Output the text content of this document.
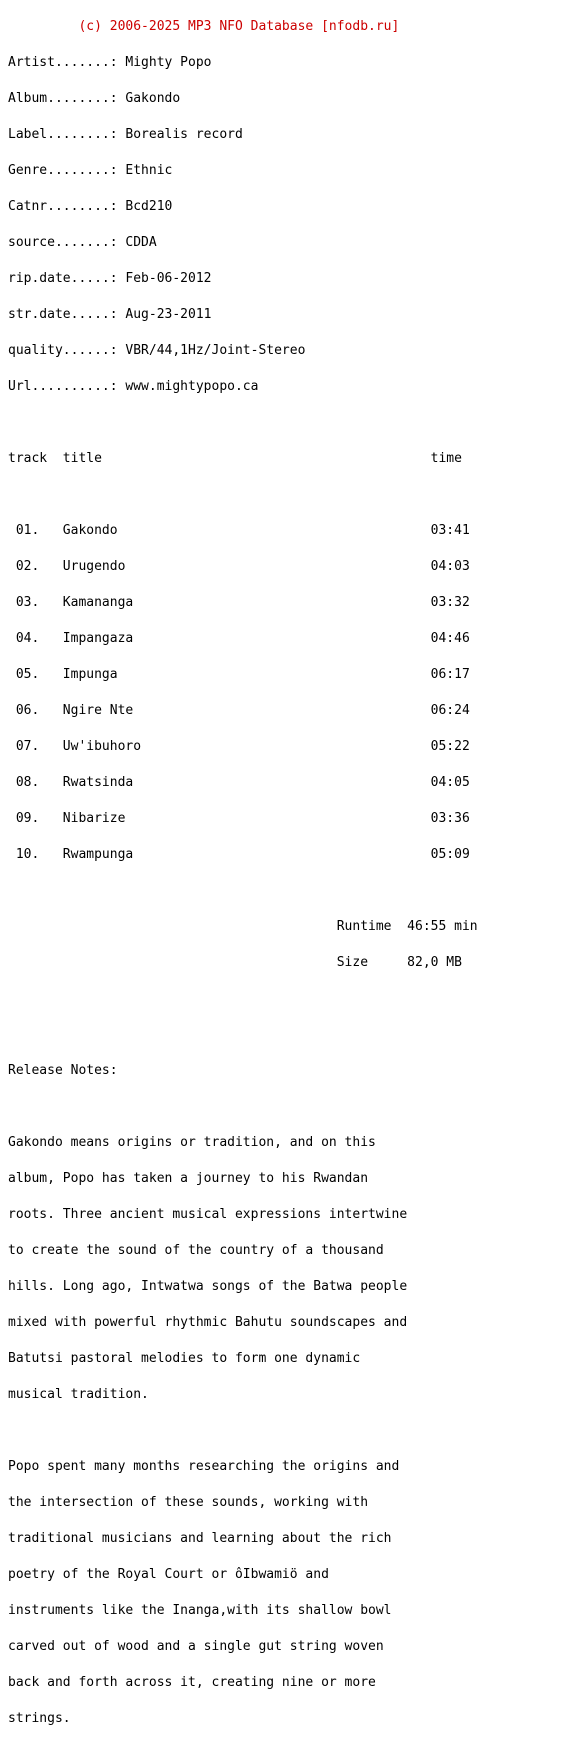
(c) 2006-2025 MP3 NFO Database [nfodb.ru]

Artist.......: Mighty Popo

Album........: Gakondo

Label........: Borealis record

Genre........: Ethnic

Catnr........: Bcd210

source.......: CDDA

rip.date.....: Feb-06-2012

str.date.....: Aug-23-2011

quality......: VBR/44,1Hz/Joint-Stereo

Url..........: www.mightypopo.ca

track  title                                          time

01.   Gakondo                                        03:41

02.   Urugendo                                       04:03

03.   Kamananga                                      03:32

04.   Impangaza                                      04:46

05.   Impunga                                        06:17

06.   Ngire Nte                                      06:24

07.   Uw'ibuhoro                                     05:22

08.   Rwatsinda                                      04:05

09.   Nibarize                                       03:36

10.   Rwampunga                                      05:09

Runtime  46:55 min

Size     82,0 MB

Release Notes:

Gakondo means origins or tradition, and on this

album, Popo has taken a journey to his Rwandan

roots. Three ancient musical expressions intertwine

to create the sound of the country of a thousand

hills. Long ago, Intwatwa songs of the Batwa people

mixed with powerful rhythmic Bahutu soundscapes and

Batutsi pastoral melodies to form one dynamic

musical tradition.

Popo spent many months researching the origins and

the intersection of these sounds, working with

traditional musicians and learning about the rich

poetry of the Royal Court or ôIbwamiö and

instruments like the Inanga,with its shallow bowl

carved out of wood and a single gut string woven

back and forth across it, creating nine or more

strings.
